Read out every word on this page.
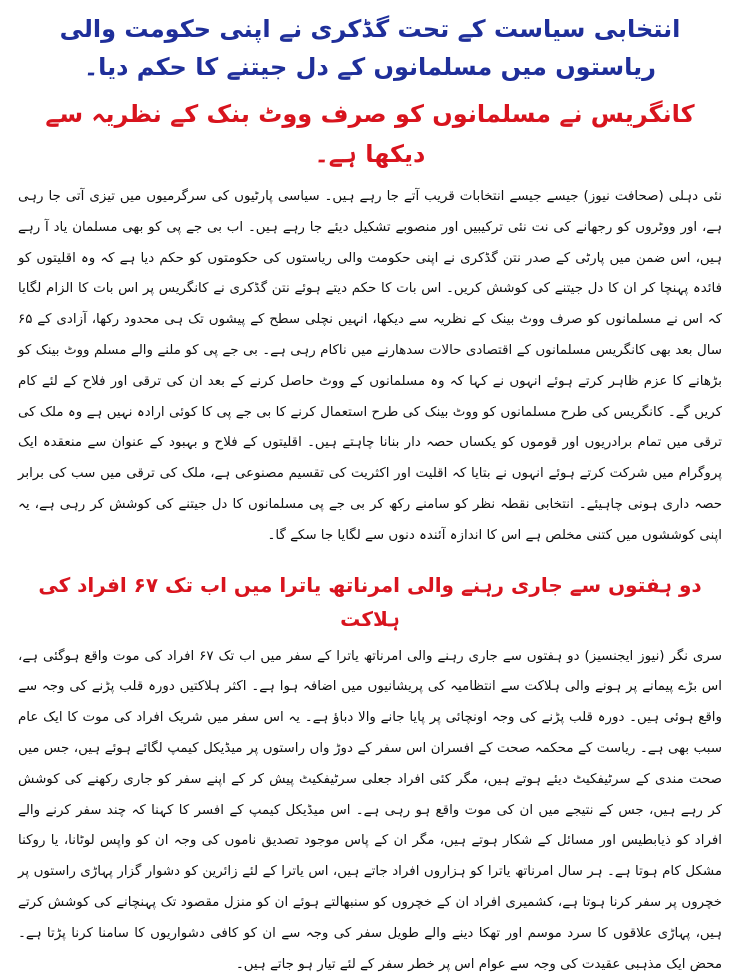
انتخابی سیاست کے تحت گڈکری نے اپنی حکومت والی ریاستوں میں مسلمانوں کے دل جیتنے کا حکم دیا۔
کانگریس نے مسلمانوں کو صرف ووٹ بنک کے نظریہ سے دیکھا ہے۔

نئی دہلی (صحافت نیوز) جیسے جیسے انتخابات قریب آتے جا رہے ہیں۔ سیاسی پارٹیوں کی سرگرمیوں میں تیزی آتی جا رہی ہے، اور ووٹروں کو رجھانے کی نت نئی ترکیبیں اور منصوبے تشکیل دیئے جا رہے ہیں۔ اب بی جے پی کو بھی مسلمان یاد آ رہے ہیں، اس ضمن میں پارٹی کے صدر نتن گڈکری نے اپنی حکومت والی ریاستوں کی حکومتوں کو حکم دیا ہے کہ وہ اقلیتوں کو فائدہ پہنچا کر ان کا دل جیتنے کی کوشش کریں۔ اس بات کا حکم دیتے ہوئے نتن گڈکری نے کانگریس پر اس بات کا الزام لگایا کہ اس نے مسلمانوں کو صرف ووٹ بینک کے نظریہ سے دیکھا، انہیں نچلی سطح کے پیشوں تک ہی محدود رکھا، آزادی کے ۶۵ سال بعد بھی کانگریس مسلمانوں کے اقتصادی حالات سدھارنے میں ناکام رہی ہے۔ بی جے پی کو ملنے والے مسلم ووٹ بینک کو بڑھانے کا عزم ظاہر کرتے ہوئے انہوں نے کہا کہ وہ مسلمانوں کے ووٹ حاصل کرنے کے بعد ان کی ترقی اور فلاح کے لئے کام کریں گے۔ کانگریس کی طرح مسلمانوں کو ووٹ بینک کی طرح استعمال کرنے کا بی جے پی کا کوئی ارادہ نہیں ہے وہ ملک کی ترقی میں تمام برادریوں اور قوموں کو یکساں حصہ دار بنانا چاہتے ہیں۔ اقلیتوں کے فلاح و بہبود کے عنوان سے منعقدہ ایک پروگرام میں شرکت کرتے ہوئے انہوں نے بتایا کہ اقلیت اور اکثریت کی تقسیم مصنوعی ہے، ملک کی ترقی میں سب کی برابر حصہ داری ہونی چاہیئے۔ انتخابی نقطہ نظر کو سامنے رکھ کر بی جے پی مسلمانوں کا دل جیتنے کی کوشش کر رہی ہے، یہ اپنی کوششوں میں کتنی مخلص ہے اس کا اندازہ آئندہ دنوں سے لگایا جا سکے گا۔

دو ہفتوں سے جاری رہنے والی امرناتھ یاترا میں اب تک ۶۷ افراد کی ہلاکت

سری نگر (نیوز ایجنسیز) دو ہفتوں سے جاری رہنے والی امرناتھ یاترا کے سفر میں اب تک ۶۷ افراد کی موت واقع ہوگئی ہے، اس بڑے پیمانے پر ہونے والی ہلاکت سے انتظامیہ کی پریشانیوں میں اضافہ ہوا ہے۔ اکثر ہلاکتیں دورہ قلب پڑنے کی وجہ سے واقع ہوئی ہیں۔ دورہ قلب پڑنے کی وجہ اونچائی پر پایا جانے والا دباؤ ہے۔ یہ اس سفر میں شریک افراد کی موت کا ایک عام سبب بھی ہے۔ ریاست کے محکمہ صحت کے افسران اس سفر کے دوڑ واں راستوں پر میڈیکل کیمپ لگائے ہوئے ہیں، جس میں صحت مندی کے سرٹیفکیٹ دیئے ہوتے ہیں، مگر کئی افراد جعلی سرٹیفکیٹ پیش کر کے اپنے سفر کو جاری رکھنے کی کوشش کر رہے ہیں، جس کے نتیجے میں ان کی موت واقع ہو رہی ہے۔ اس میڈیکل کیمپ کے افسر کا کہنا کہ چند سفر کرنے والے افراد کو ذیابطیس اور مسائل کے شکار ہوتے ہیں، مگر ان کے پاس موجود تصدیق ناموں کی وجہ ان کو واپس لوٹانا، یا روکنا مشکل کام ہوتا ہے۔ ہر سال امرناتھ یاترا کو ہزاروں افراد جاتے ہیں، اس یاترا کے لئے زائرین کو دشوار گزار پہاڑی راستوں پر خچروں پر سفر کرنا ہوتا ہے، کشمیری افراد ان کے خچروں کو سنبھالتے ہوئے ان کو منزل مقصود تک پہنچانے کی کوشش کرتے ہیں، پہاڑی علاقوں کا سرد موسم اور تھکا دینے والے طویل سفر کی وجہ سے ان کو کافی دشواریوں کا سامنا کرنا پڑتا ہے۔ محض ایک مذہبی عقیدت کی وجہ سے عوام اس پر خطر سفر کے لئے تیار ہو جاتے ہیں۔
